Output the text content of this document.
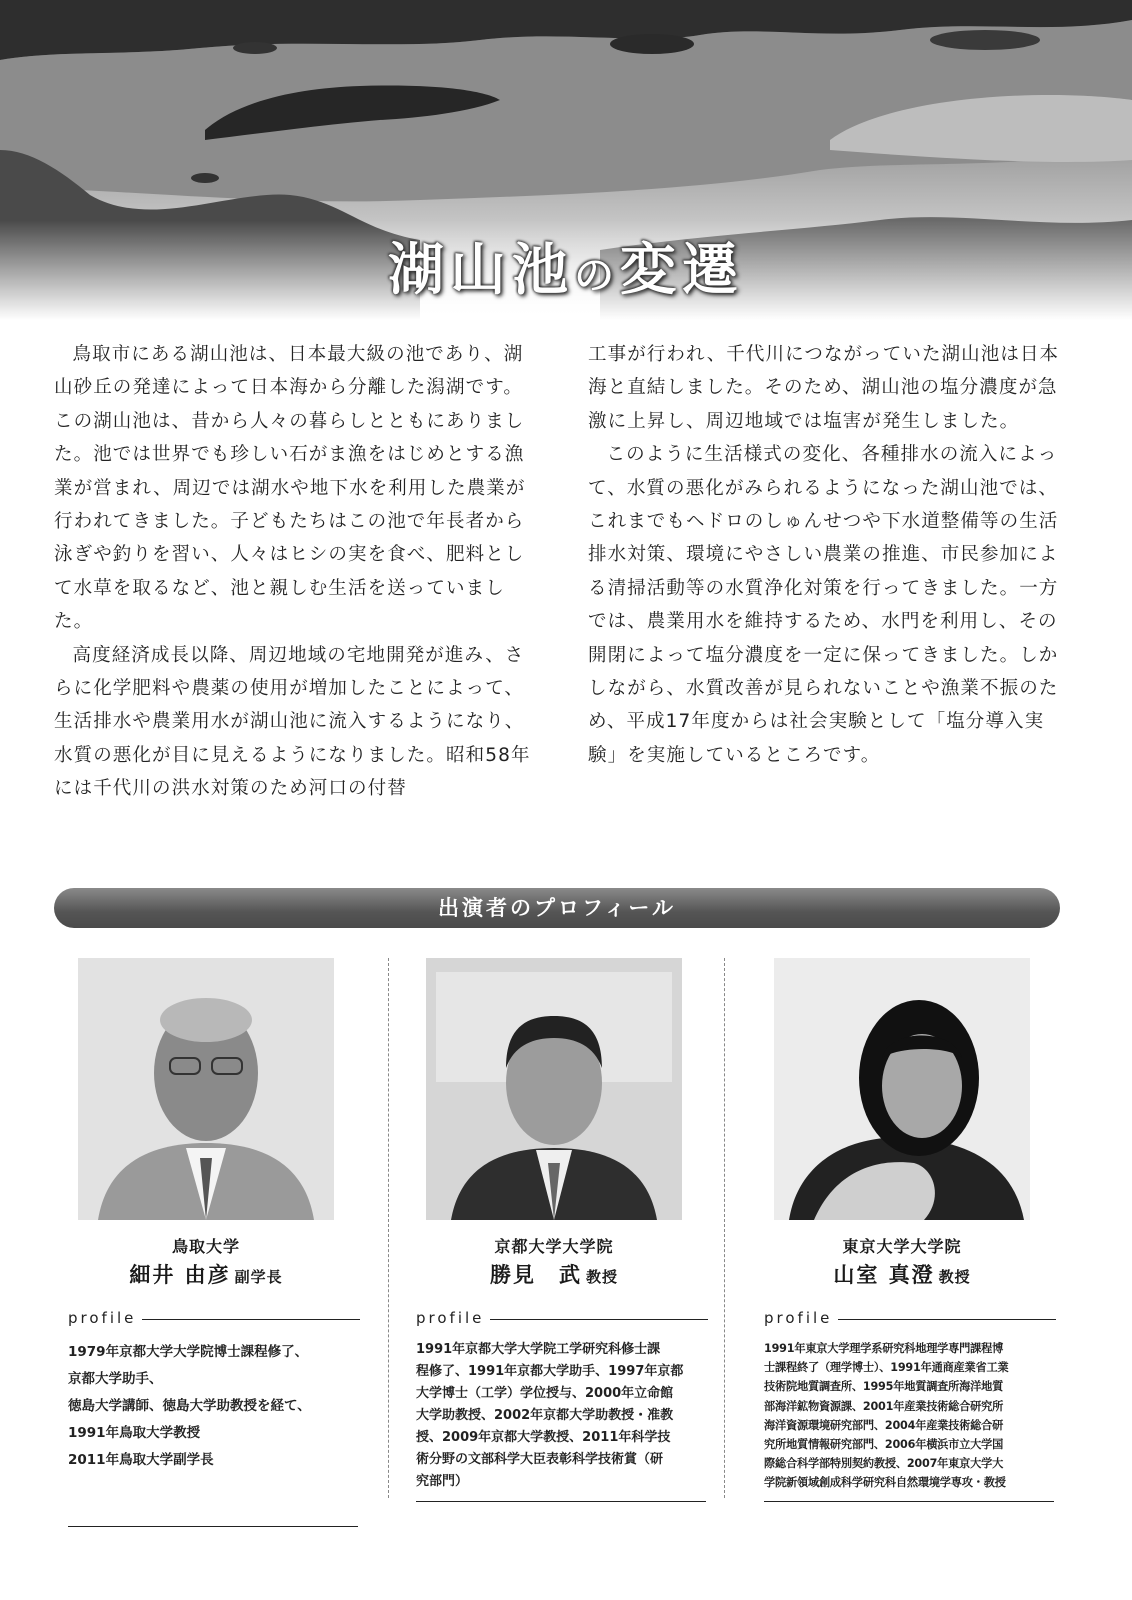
湖山池の変遷

鳥取市にある湖山池は、日本最大級の池であり、湖山砂丘の発達によって日本海から分離した潟湖です。この湖山池は、昔から人々の暮らしとともにありました。池では世界でも珍しい石がま漁をはじめとする漁業が営まれ、周辺では湖水や地下水を利用した農業が行われてきました。子どもたちはこの池で年長者から泳ぎや釣りを習い、人々はヒシの実を食べ、肥料として水草を取るなど、池と親しむ生活を送っていました。

高度経済成長以降、周辺地域の宅地開発が進み、さらに化学肥料や農薬の使用が増加したことによって、生活排水や農業用水が湖山池に流入するようになり、水質の悪化が目に見えるようになりました。昭和58年には千代川の洪水対策のため河口の付替

工事が行われ、千代川につながっていた湖山池は日本海と直結しました。そのため、湖山池の塩分濃度が急激に上昇し、周辺地域では塩害が発生しました。

このように生活様式の変化、各種排水の流入によって、水質の悪化がみられるようになった湖山池では、これまでもヘドロのしゅんせつや下水道整備等の生活排水対策、環境にやさしい農業の推進、市民参加による清掃活動等の水質浄化対策を行ってきました。一方では、農業用水を維持するため、水門を利用し、その開閉によって塩分濃度を一定に保ってきました。しかしながら、水質改善が見られないことや漁業不振のため、平成17年度からは社会実験として「塩分導入実験」を実施しているところです。

出演者のプロフィール
鳥取大学
細井 由彦 副学長
profile
1979年京都大学大学院博士課程修了、
京都大学助手、
徳島大学講師、徳島大学助教授を経て、
1991年鳥取大学教授
2011年鳥取大学副学長
京都大学大学院
勝見　武 教授
profile
1991年京都大学大学院工学研究科修士課
程修了、1991年京都大学助手、1997年京都
大学博士（工学）学位授与、2000年立命館
大学助教授、2002年京都大学助教授・准教
授、2009年京都大学教授、2011年科学技
術分野の文部科学大臣表彰科学技術賞（研
究部門）
東京大学大学院
山室 真澄 教授
profile
1991年東京大学理学系研究科地理学専門課程博
士課程終了（理学博士）、1991年通商産業省工業
技術院地質調査所、1995年地質調査所海洋地質
部海洋鉱物資源課、2001年産業技術総合研究所
海洋資源環境研究部門、2004年産業技術総合研
究所地質情報研究部門、2006年横浜市立大学国
際総合科学部特別契約教授、2007年東京大学大
学院新領域創成科学研究科自然環境学専攻・教授
